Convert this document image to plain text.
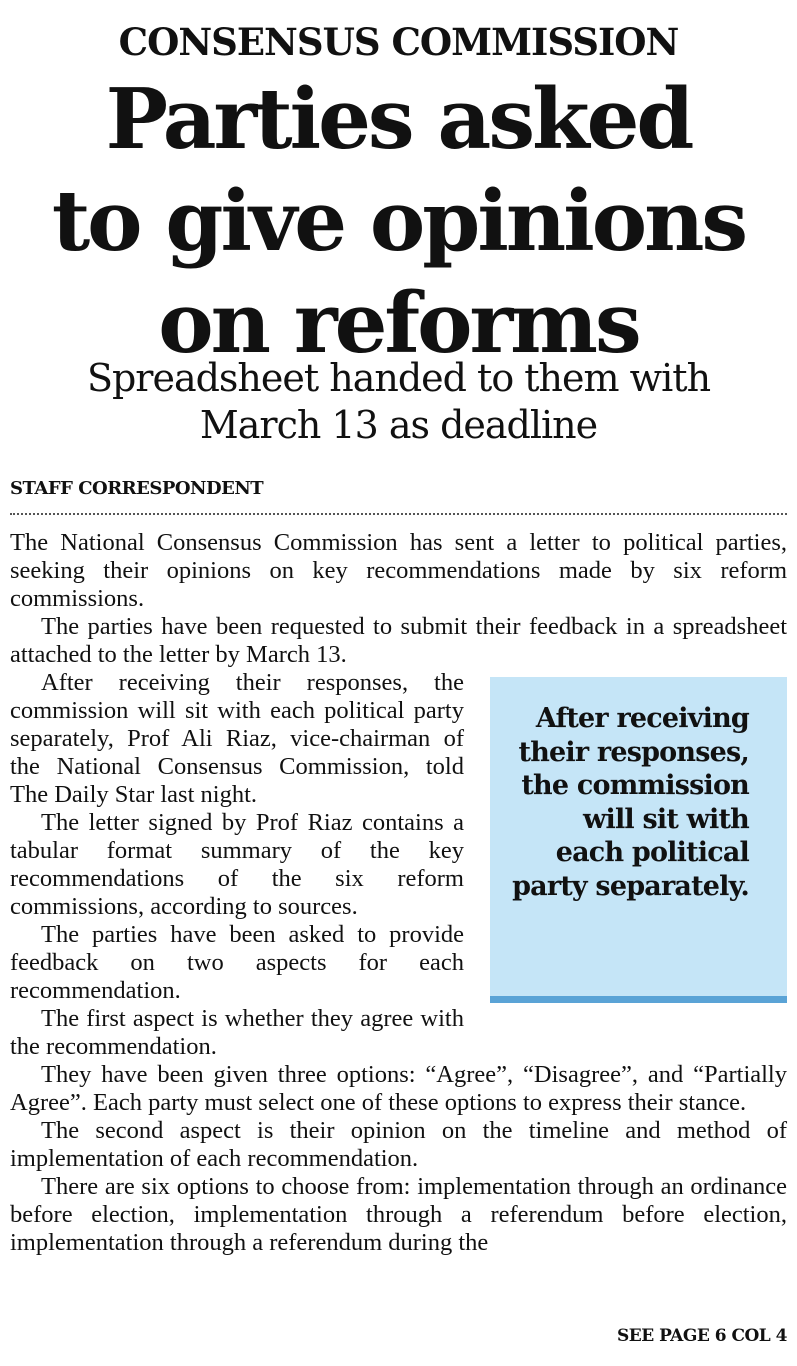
CONSENSUS COMMISSION
Parties asked
to give opinions
on reforms
Spreadsheet handed to them with
March 13 as deadline
STAFF CORRESPONDENT

The National Consensus Commission has sent a letter to political parties, seeking their opinions on key recommendations made by six reform commissions.

The parties have been requested to submit their feedback in a spreadsheet attached to the letter by March 13.

After receiving their responses, the commission will sit with each political party separately.

After receiving their responses, the commission will sit with each political party separately, Prof Ali Riaz, vice-chairman of the National Consensus Commission, told The Daily Star last night.

The letter signed by Prof Riaz contains a tabular format summary of the key recommendations of the six reform commissions, according to sources.

The parties have been asked to provide feedback on two aspects for each recommendation.

The first aspect is whether they agree with the recommendation.

They have been given three options: “Agree”, “Disagree”, and “Partially Agree”. Each party must select one of these options to express their stance.

The second aspect is their opinion on the timeline and method of implementation of each recommendation.

There are six options to choose from: implementation through an ordinance before election, implementation through a referendum before election, implementation through a referendum during the

SEE PAGE 6 COL 4
